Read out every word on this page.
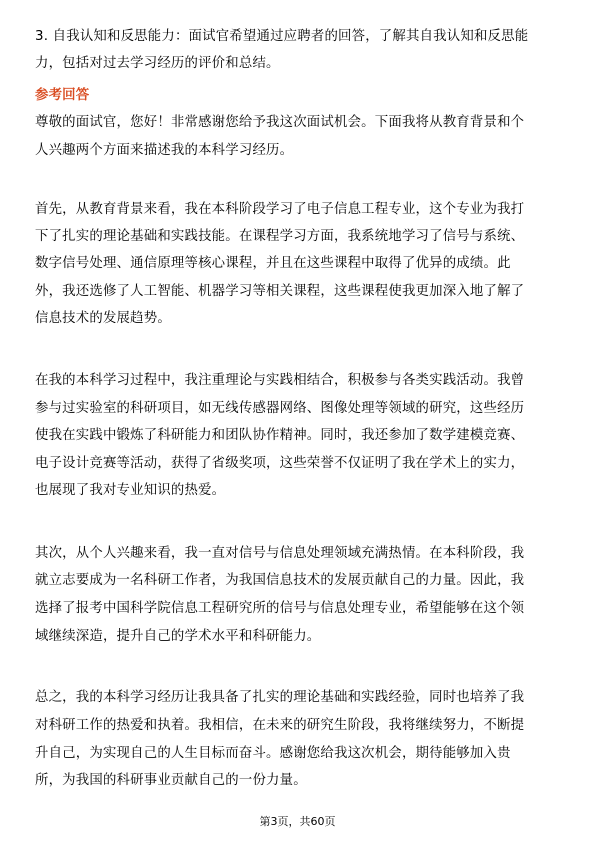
3. 自我认知和反思能力：面试官希望通过应聘者的回答，了解其自我认知和反思能
力，包括对过去学习经历的评价和总结。
参考回答
尊敬的面试官，您好！非常感谢您给予我这次面试机会。下面我将从教育背景和个
人兴趣两个方面来描述我的本科学习经历。
首先，从教育背景来看，我在本科阶段学习了电子信息工程专业，这个专业为我打
下了扎实的理论基础和实践技能。在课程学习方面，我系统地学习了信号与系统、
数字信号处理、通信原理等核心课程，并且在这些课程中取得了优异的成绩。此
外，我还选修了人工智能、机器学习等相关课程，这些课程使我更加深入地了解了
信息技术的发展趋势。
在我的本科学习过程中，我注重理论与实践相结合，积极参与各类实践活动。我曾
参与过实验室的科研项目，如无线传感器网络、图像处理等领域的研究，这些经历
使我在实践中锻炼了科研能力和团队协作精神。同时，我还参加了数学建模竞赛、
电子设计竞赛等活动，获得了省级奖项，这些荣誉不仅证明了我在学术上的实力，
也展现了我对专业知识的热爱。
其次，从个人兴趣来看，我一直对信号与信息处理领域充满热情。在本科阶段，我
就立志要成为一名科研工作者，为我国信息技术的发展贡献自己的力量。因此，我
选择了报考中国科学院信息工程研究所的信号与信息处理专业，希望能够在这个领
域继续深造，提升自己的学术水平和科研能力。
总之，我的本科学习经历让我具备了扎实的理论基础和实践经验，同时也培养了我
对科研工作的热爱和执着。我相信，在未来的研究生阶段，我将继续努力，不断提
升自己，为实现自己的人生目标而奋斗。感谢您给我这次机会，期待能够加入贵
所，为我国的科研事业贡献自己的一份力量。
第3页，共60页
